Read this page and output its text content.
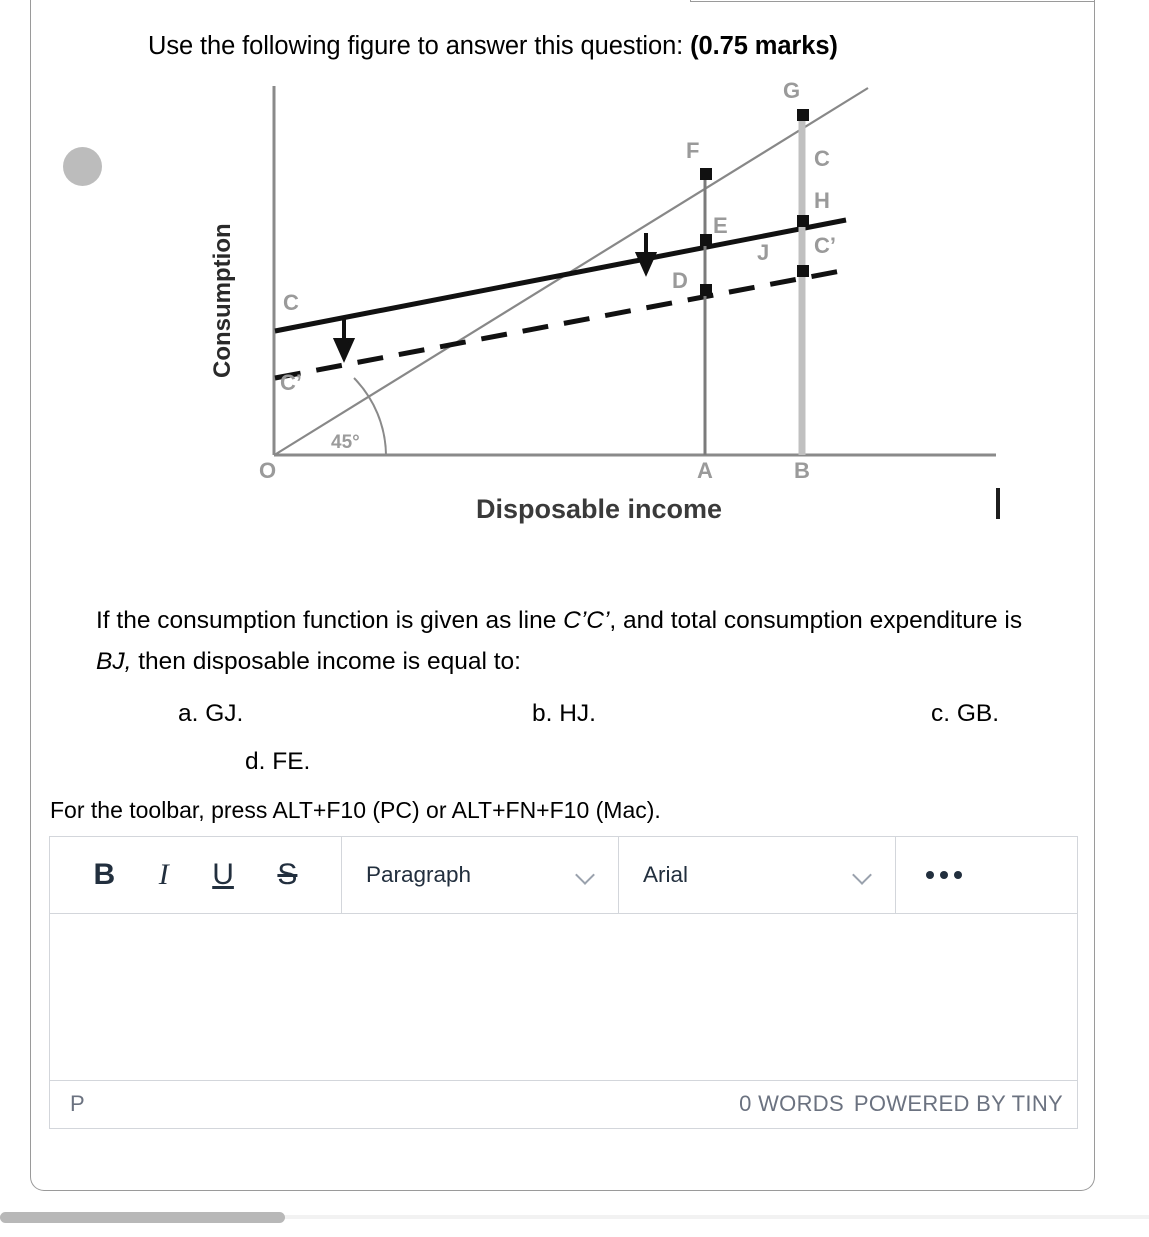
Use the following figure to answer this question: (0.75 marks)
45°
G
F	C
H
E
J C’
D
C
C’
O	A	B
Consumption
Disposable income
If the consumption function is given as line C’C’, and total consumption expenditure is BJ, then disposable income is equal to:
a. GJ.	b. HJ.	c. GB.
d. FE.
For the toolbar, press ALT+F10 (PC) or ALT+FN+F10 (Mac).
B I U S	Paragraph	Arial
P	0 WORDS POWERED BY TINY
